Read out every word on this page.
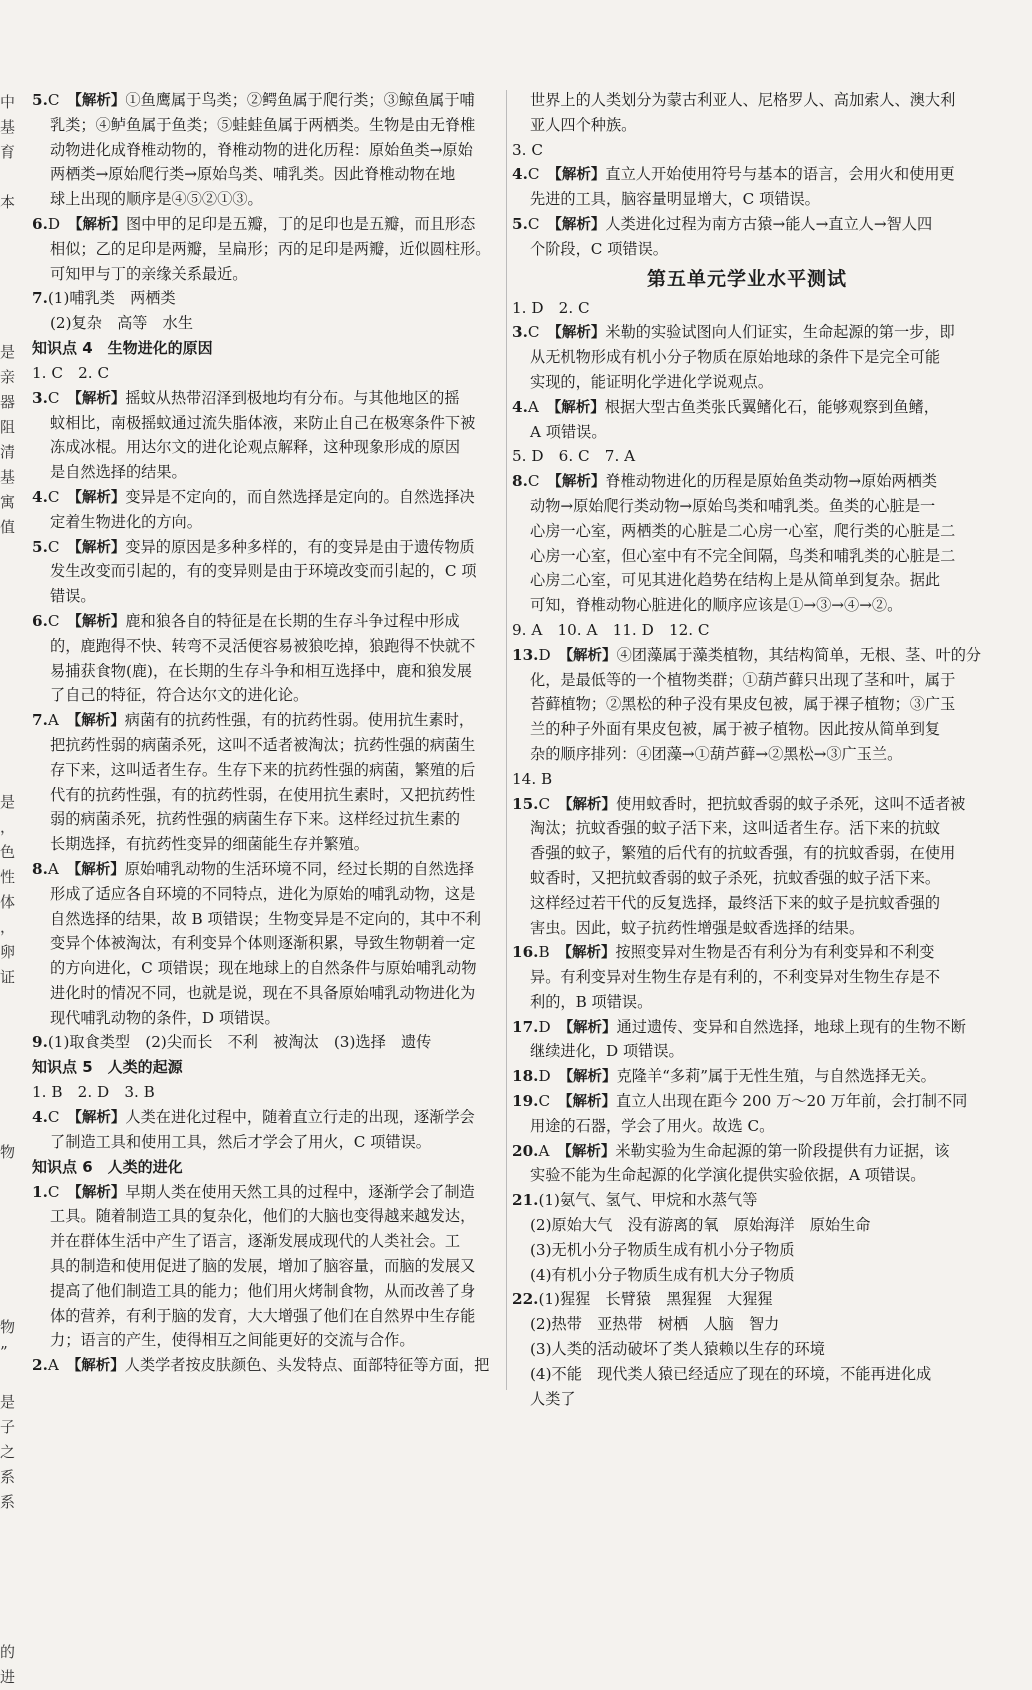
中
基
育
本
是
亲
器
阻
清
基
寓
值
是
，
色
性
体
，
卵
证
物
物
”
是
子
之
系
系
的
进
5.C　 【解析】①鱼鹰属于鸟类；②鳄鱼属于爬行类；③鲸鱼属于哺
乳类；④鲈鱼属于鱼类；⑤蛙蛙鱼属于两栖类。生物是由无脊椎
动物进化成脊椎动物的，脊椎动物的进化历程：原始鱼类→原始
两栖类→原始爬行类→原始鸟类、哺乳类。因此脊椎动物在地
球上出现的顺序是④⑤②①③。
6.D　 【解析】图中甲的足印是五瓣，丁的足印也是五瓣，而且形态
相似；乙的足印是两瓣，呈扁形；丙的足印是两瓣，近似圆柱形。
可知甲与丁的亲缘关系最近。
7.(1)哺乳类　两栖类
(2)复杂　高等　水生
知识点 4　生物进化的原因
1. C　2. C
3.C　 【解析】摇蚊从热带沼泽到极地均有分布。与其他地区的摇
蚊相比，南极摇蚊通过流失脂体液，来防止自己在极寒条件下被
冻成冰棍。用达尔文的进化论观点解释，这种现象形成的原因
是自然选择的结果。
4.C　 【解析】变异是不定向的，而自然选择是定向的。自然选择决
定着生物进化的方向。
5.C　 【解析】变异的原因是多种多样的，有的变异是由于遗传物质
发生改变而引起的，有的变异则是由于环境改变而引起的，C 项
错误。
6.C　 【解析】鹿和狼各自的特征是在长期的生存斗争过程中形成
的，鹿跑得不快、转弯不灵活便容易被狼吃掉，狼跑得不快就不
易捕获食物(鹿)，在长期的生存斗争和相互选择中，鹿和狼发展
了自己的特征，符合达尔文的进化论。
7.A　 【解析】病菌有的抗药性强，有的抗药性弱。使用抗生素时，
把抗药性弱的病菌杀死，这叫不适者被淘汰；抗药性强的病菌生
存下来，这叫适者生存。生存下来的抗药性强的病菌，繁殖的后
代有的抗药性强，有的抗药性弱，在使用抗生素时，又把抗药性
弱的病菌杀死，抗药性强的病菌生存下来。这样经过抗生素的
长期选择，有抗药性变异的细菌能生存并繁殖。
8.A　 【解析】原始哺乳动物的生活环境不同，经过长期的自然选择
形成了适应各自环境的不同特点，进化为原始的哺乳动物，这是
自然选择的结果，故 B 项错误；生物变异是不定向的，其中不利
变异个体被淘汰，有利变异个体则逐渐积累，导致生物朝着一定
的方向进化，C 项错误；现在地球上的自然条件与原始哺乳动物
进化时的情况不同，也就是说，现在不具备原始哺乳动物进化为
现代哺乳动物的条件，D 项错误。
9.(1)取食类型　(2)尖而长　不利　被淘汰　(3)选择　遗传
知识点 5　人类的起源
1. B　2. D　3. B
4.C　 【解析】人类在进化过程中，随着直立行走的出现，逐渐学会
了制造工具和使用工具，然后才学会了用火，C 项错误。
知识点 6　人类的进化
1.C　 【解析】早期人类在使用天然工具的过程中，逐渐学会了制造
工具。随着制造工具的复杂化，他们的大脑也变得越来越发达，
并在群体生活中产生了语言，逐渐发展成现代的人类社会。工
具的制造和使用促进了脑的发展，增加了脑容量，而脑的发展又
提高了他们制造工具的能力；他们用火烤制食物，从而改善了身
体的营养，有利于脑的发育，大大增强了他们在自然界中生存能
力；语言的产生，使得相互之间能更好的交流与合作。
2.A　 【解析】人类学者按皮肤颜色、头发特点、面部特征等方面，把
世界上的人类划分为蒙古利亚人、尼格罗人、高加索人、澳大利
亚人四个种族。
3. C
4.C　 【解析】直立人开始使用符号与基本的语言，会用火和使用更
先进的工具，脑容量明显增大，C 项错误。
5.C　 【解析】人类进化过程为南方古猿→能人→直立人→智人四
个阶段，C 项错误。
第五单元学业水平测试
1. D　2. C
3.C　 【解析】米勒的实验试图向人们证实，生命起源的第一步，即
从无机物形成有机小分子物质在原始地球的条件下是完全可能
实现的，能证明化学进化学说观点。
4.A　 【解析】根据大型古鱼类张氏翼鳍化石，能够观察到鱼鳍，
A 项错误。
5. D　6. C　7. A
8.C　 【解析】脊椎动物进化的历程是原始鱼类动物→原始两栖类
动物→原始爬行类动物→原始鸟类和哺乳类。鱼类的心脏是一
心房一心室，两栖类的心脏是二心房一心室，爬行类的心脏是二
心房一心室，但心室中有不完全间隔，鸟类和哺乳类的心脏是二
心房二心室，可见其进化趋势在结构上是从简单到复杂。据此
可知，脊椎动物心脏进化的顺序应该是①→③→④→②。
9. A　10. A　11. D　12. C
13.D　 【解析】④团藻属于藻类植物，其结构简单，无根、茎、叶的分
化，是最低等的一个植物类群；①葫芦藓只出现了茎和叶，属于
苔藓植物；②黑松的种子没有果皮包被，属于裸子植物；③广玉
兰的种子外面有果皮包被，属于被子植物。因此按从简单到复
杂的顺序排列：④团藻→①葫芦藓→②黑松→③广玉兰。
14. B
15.C　 【解析】使用蚊香时，把抗蚊香弱的蚊子杀死，这叫不适者被
淘汰；抗蚊香强的蚊子活下来，这叫适者生存。活下来的抗蚊
香强的蚊子，繁殖的后代有的抗蚊香强，有的抗蚊香弱，在使用
蚊香时，又把抗蚊香弱的蚊子杀死，抗蚊香强的蚊子活下来。
这样经过若干代的反复选择，最终活下来的蚊子是抗蚊香强的
害虫。因此，蚊子抗药性增强是蚊香选择的结果。
16.B　 【解析】按照变异对生物是否有利分为有利变异和不利变
异。有利变异对生物生存是有利的，不利变异对生物生存是不
利的，B 项错误。
17.D　 【解析】通过遗传、变异和自然选择，地球上现有的生物不断
继续进化，D 项错误。
18.D　 【解析】克隆羊“多莉”属于无性生殖，与自然选择无关。
19.C　 【解析】直立人出现在距今 200 万～20 万年前，会打制不同
用途的石器，学会了用火。故选 C。
20.A　 【解析】米勒实验为生命起源的第一阶段提供有力证据，该
实验不能为生命起源的化学演化提供实验依据，A 项错误。
21.(1)氨气、氢气、甲烷和水蒸气等
(2)原始大气　没有游离的氧　原始海洋　原始生命
(3)无机小分子物质生成有机小分子物质
(4)有机小分子物质生成有机大分子物质
22.(1)猩猩　长臂猿　黑猩猩　大猩猩
(2)热带　亚热带　树栖　人脑　智力
(3)人类的活动破坏了类人猿赖以生存的环境
(4)不能　现代类人猿已经适应了现在的环境，不能再进化成
人类了
